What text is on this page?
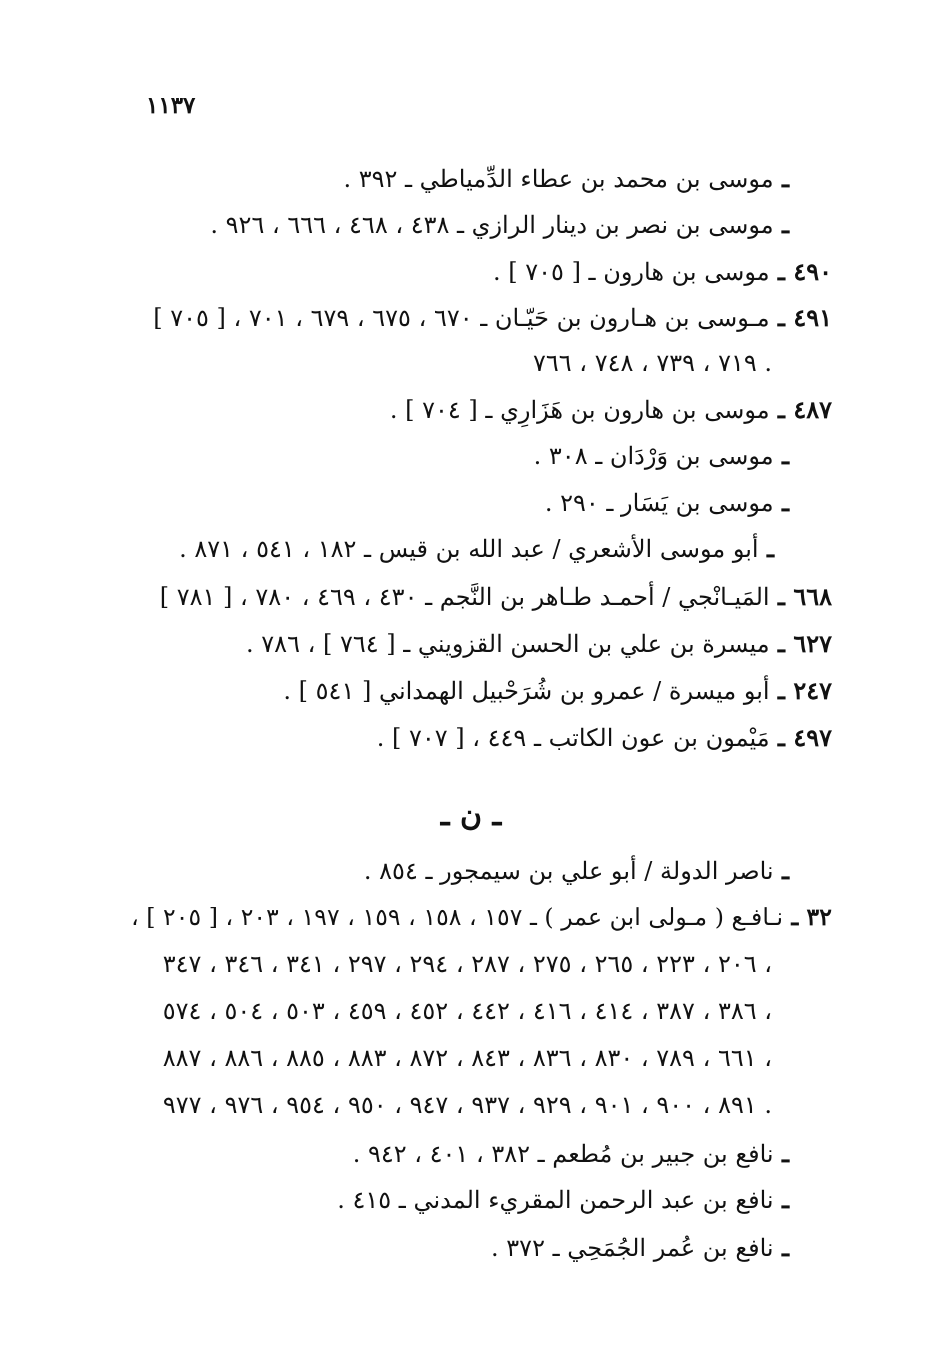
١١٣٧
ـ موسى بن محمد بن عطاء الدِّمياطي ـ ٣٩٢ .
ـ موسى بن نصر بن دينار الرازي ـ ٤٣٨ ، ٤٦٨ ، ٦٦٦ ، ٩٢٦ .
٤٩٠ ـ موسى بن هارون ـ [ ٧٠٥ ] .
٤٩١ ـ مـوسى بن هـارون بن حَيّـان ـ ٦٧٠ ، ٦٧٥ ، ٦٧٩ ، ٧٠١ ، [ ٧٠٥ ]
٧١٩ ، ٧٣٩ ، ٧٤٨ ، ٧٦٦ .
٤٨٧ ـ موسى بن هارون بن هَزَارِي ـ [ ٧٠٤ ] .
ـ موسى بن وَرْدَان ـ ٣٠٨ .
ـ موسى بن يَسَار ـ ٢٩٠ .
ـ أبو موسى الأشعري / عبد الله بن قيس ـ ١٨٢ ، ٥٤١ ، ٨٧١ .
٦٦٨ ـ المَيـانْجي / أحمـد طـاهر بن النَّجم ـ ٤٣٠ ، ٤٦٩ ، ٧٨٠ ، [ ٧٨١ ]
٦٢٧ ـ ميسرة بن علي بن الحسن القزويني ـ [ ٧٦٤ ] ، ٧٨٦ .
٢٤٧ ـ أبو ميسرة / عمرو بن شُرَحْبيل الهمداني [ ٥٤١ ] .
٤٩٧ ـ مَيْمون بن عون الكاتب ـ ٤٤٩ ، [ ٧٠٧ ] .
ـ ن ـ
ـ ناصر الدولة / أبو علي بن سيمجور ـ ٨٥٤ .
٣٢ ـ نـافـع ( مـولى ابن عمر ) ـ ١٥٧ ، ١٥٨ ، ١٥٩ ، ١٩٧ ، ٢٠٣ ، [ ٢٠٥ ] ،
٢٠٦ ، ٢٢٣ ، ٢٦٥ ، ٢٧٥ ، ٢٨٧ ، ٢٩٤ ، ٢٩٧ ، ٣٤١ ، ٣٤٦ ، ٣٤٧ ،
٣٨٦ ، ٣٨٧ ، ٤١٤ ، ٤١٦ ، ٤٤٢ ، ٤٥٢ ، ٤٥٩ ، ٥٠٣ ، ٥٠٤ ، ٥٧٤ ،
٦٦١ ، ٧٨٩ ، ٨٣٠ ، ٨٣٦ ، ٨٤٣ ، ٨٧٢ ، ٨٨٣ ، ٨٨٥ ، ٨٨٦ ، ٨٨٧ ،
٨٩١ ، ٩٠٠ ، ٩٠١ ، ٩٢٩ ، ٩٣٧ ، ٩٤٧ ، ٩٥٠ ، ٩٥٤ ، ٩٧٦ ، ٩٧٧ .
ـ نافع بن جبير بن مُطعم ـ ٣٨٢ ، ٤٠١ ، ٩٤٢ .
ـ نافع بن عبد الرحمن المقريء المدني ـ ٤١٥ .
ـ نافع بن عُمر الجُمَحِي ـ ٣٧٢ .
